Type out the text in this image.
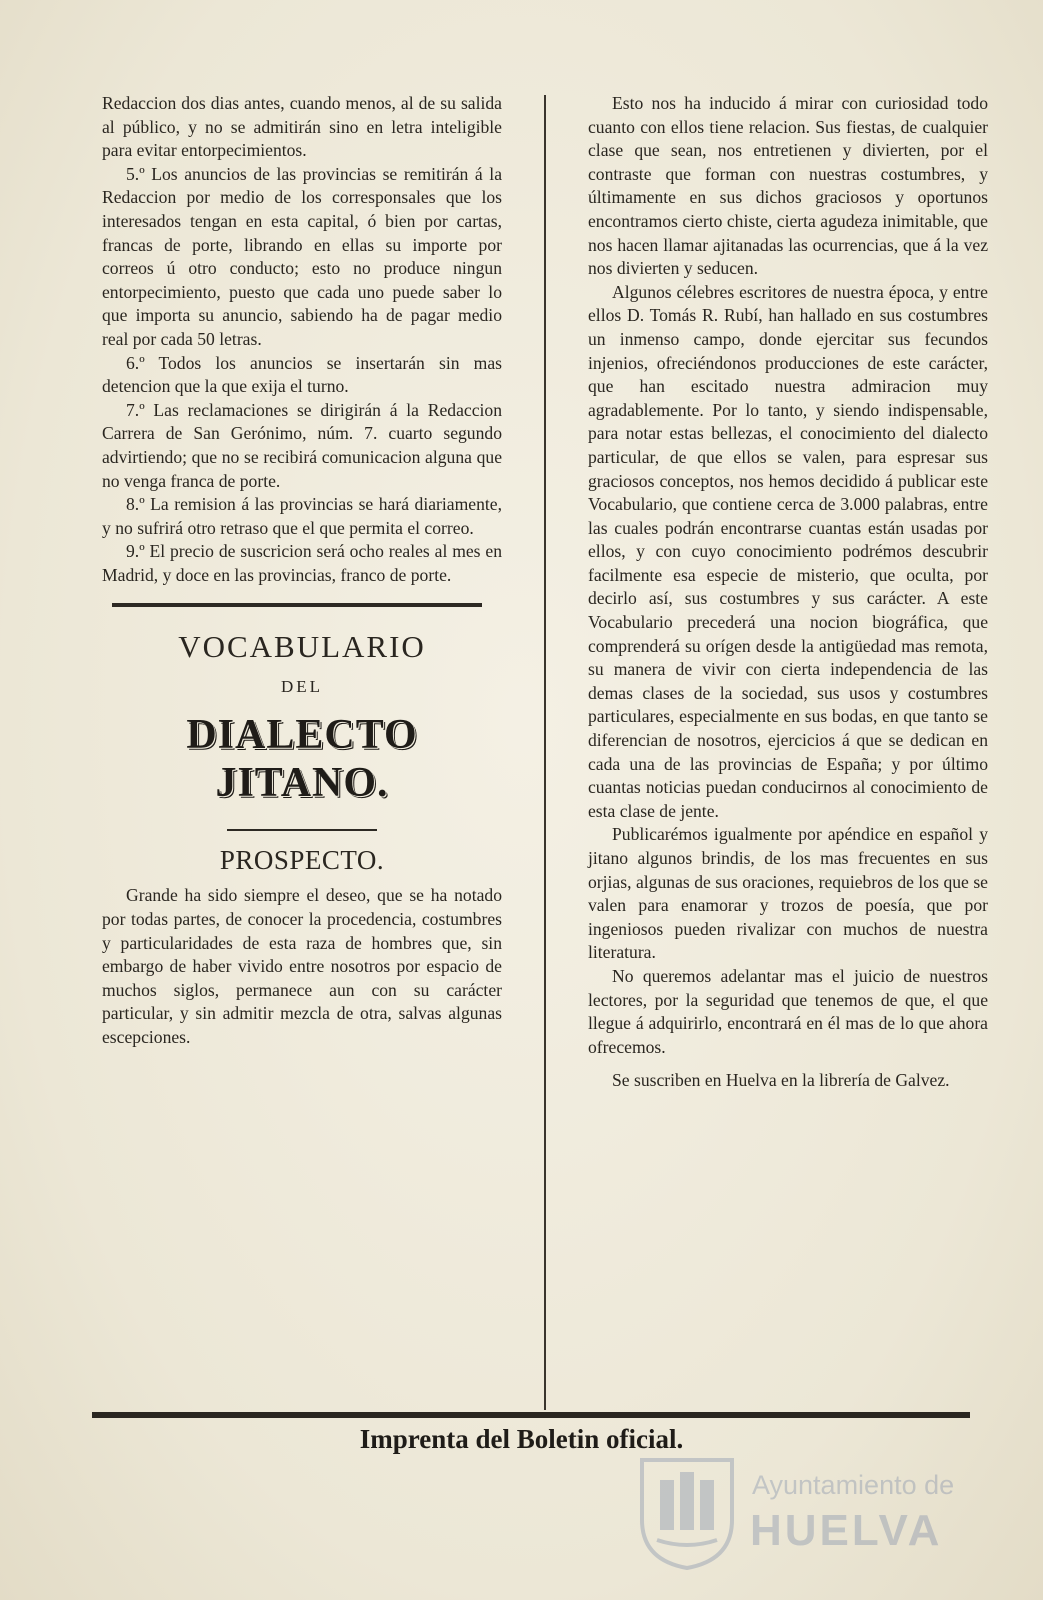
Redaccion dos dias antes, cuando menos, al de su salida al público, y no se admitirán sino en letra inteligible para evitar entorpecimientos.

5.º Los anuncios de las provincias se remitirán á la Redaccion por medio de los corresponsales que los interesados tengan en esta capital, ó bien por cartas, francas de porte, librando en ellas su importe por correos ú otro conducto; esto no produce ningun entorpecimiento, puesto que cada uno puede saber lo que importa su anuncio, sabiendo ha de pagar medio real por cada 50 letras.

6.º Todos los anuncios se insertarán sin mas detencion que la que exija el turno.

7.º Las reclamaciones se dirigirán á la Redaccion Carrera de San Gerónimo, núm. 7. cuarto segundo advirtiendo; que no se recibirá comunicacion alguna que no venga franca de porte.

8.º La remision á las provincias se hará diariamente, y no sufrirá otro retraso que el que permita el correo.

9.º El precio de suscricion será ocho reales al mes en Madrid, y doce en las provincias, franco de porte.

VOCABULARIO
DEL
DIALECTO JITANO.
PROSPECTO.

Grande ha sido siempre el deseo, que se ha notado por todas partes, de conocer la procedencia, costumbres y particularidades de esta raza de hombres que, sin embargo de haber vivido entre nosotros por espacio de muchos siglos, permanece aun con su carácter particular, y sin admitir mezcla de otra, salvas algunas escepciones.

Esto nos ha inducido á mirar con curiosidad todo cuanto con ellos tiene relacion. Sus fiestas, de cualquier clase que sean, nos entretienen y divierten, por el contraste que forman con nuestras costumbres, y últimamente en sus dichos graciosos y oportunos encontramos cierto chiste, cierta agudeza inimitable, que nos hacen llamar ajitanadas las ocurrencias, que á la vez nos divierten y seducen.

Algunos célebres escritores de nuestra época, y entre ellos D. Tomás R. Rubí, han hallado en sus costumbres un inmenso campo, donde ejercitar sus fecundos injenios, ofreciéndonos producciones de este carácter, que han escitado nuestra admiracion muy agradablemente. Por lo tanto, y siendo indispensable, para notar estas bellezas, el conocimiento del dialecto particular, de que ellos se valen, para espresar sus graciosos conceptos, nos hemos decidido á publicar este Vocabulario, que contiene cerca de 3.000 palabras, entre las cuales podrán encontrarse cuantas están usadas por ellos, y con cuyo conocimiento podrémos descubrir facilmente esa especie de misterio, que oculta, por decirlo así, sus costumbres y sus carácter. A este Vocabulario precederá una nocion biográfica, que comprenderá su orígen desde la antigüedad mas remota, su manera de vivir con cierta independencia de las demas clases de la sociedad, sus usos y costumbres particulares, especialmente en sus bodas, en que tanto se diferencian de nosotros, ejercicios á que se dedican en cada una de las provincias de España; y por último cuantas noticias puedan conducirnos al conocimiento de esta clase de jente.

Publicarémos igualmente por apéndice en español y jitano algunos brindis, de los mas frecuentes en sus orjias, algunas de sus oraciones, requiebros de los que se valen para enamorar y trozos de poesía, que por ingeniosos pueden rivalizar con muchos de nuestra literatura.

No queremos adelantar mas el juicio de nuestros lectores, por la seguridad que tenemos de que, el que llegue á adquirirlo, encontrará en él mas de lo que ahora ofrecemos.

Se suscriben en Huelva en la librería de Galvez.

Imprenta del Boletin oficial.
Ayuntamiento de
HUELVA
